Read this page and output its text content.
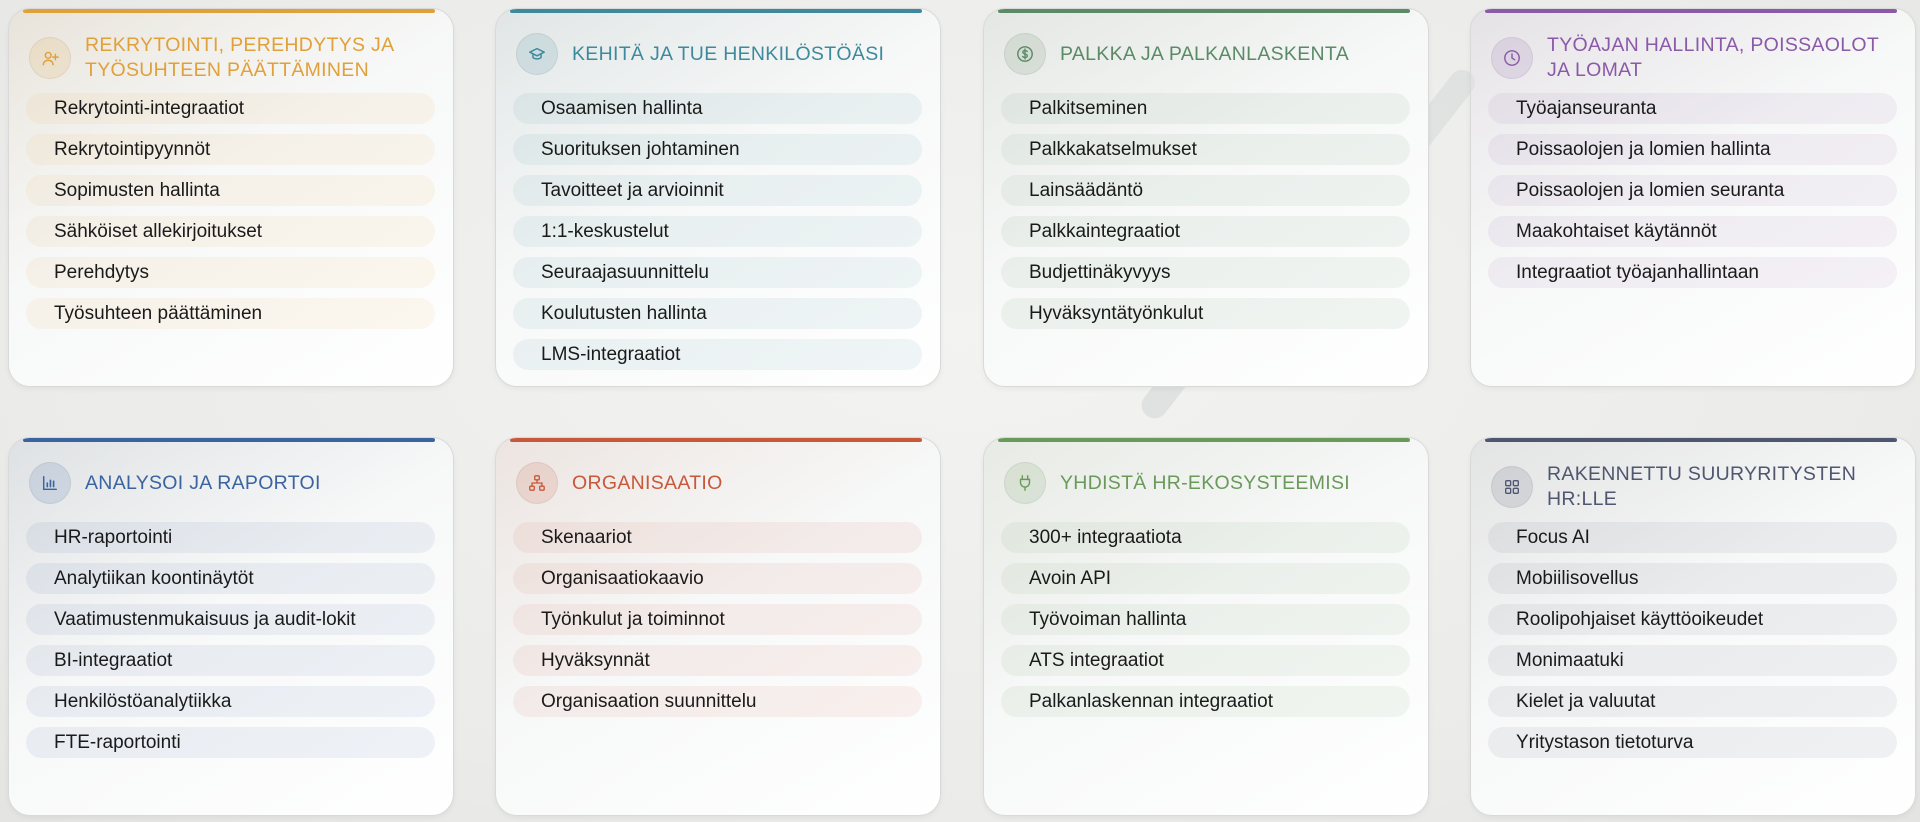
REKRYTOINTI, PEREHDYTYS JA TYÖSUHTEEN PÄÄTTÄMINEN
Rekrytointi-integraatiot
Rekrytointipyynnöt
Sopimusten hallinta
Sähköiset allekirjoitukset
Perehdytys
Työsuhteen päättäminen
KEHITÄ JA TUE HENKILÖSTÖÄSI
Osaamisen hallinta
Suorituksen johtaminen
Tavoitteet ja arvioinnit
1:1-keskustelut
Seuraajasuunnittelu
Koulutusten hallinta
LMS-integraatiot
PALKKA JA PALKANLASKENTA
Palkitseminen
Palkkakatselmukset
Lainsäädäntö
Palkkaintegraatiot
Budjettinäkyvyys
Hyväksyntätyönkulut
TYÖAJAN HALLINTA, POISSAOLOT JA LOMAT
Työajanseuranta
Poissaolojen ja lomien hallinta
Poissaolojen ja lomien seuranta
Maakohtaiset käytännöt
Integraatiot työajanhallintaan
ANALYSOI JA RAPORTOI
HR-raportointi
Analytiikan koontinäytöt
Vaatimustenmukaisuus ja audit-lokit
BI-integraatiot
Henkilöstöanalytiikka
FTE-raportointi
ORGANISAATIO
Skenaariot
Organisaatiokaavio
Työnkulut ja toiminnot
Hyväksynnät
Organisaation suunnittelu
YHDISTÄ HR-EKOSYSTEEMISI
300+ integraatiota
Avoin API
Työvoiman hallinta
ATS integraatiot
Palkanlaskennan integraatiot
RAKENNETTU SUURYRITYSTEN HR:LLE
Focus AI
Mobiilisovellus
Roolipohjaiset käyttöoikeudet
Monimaatuki
Kielet ja valuutat
Yritystason tietoturva
